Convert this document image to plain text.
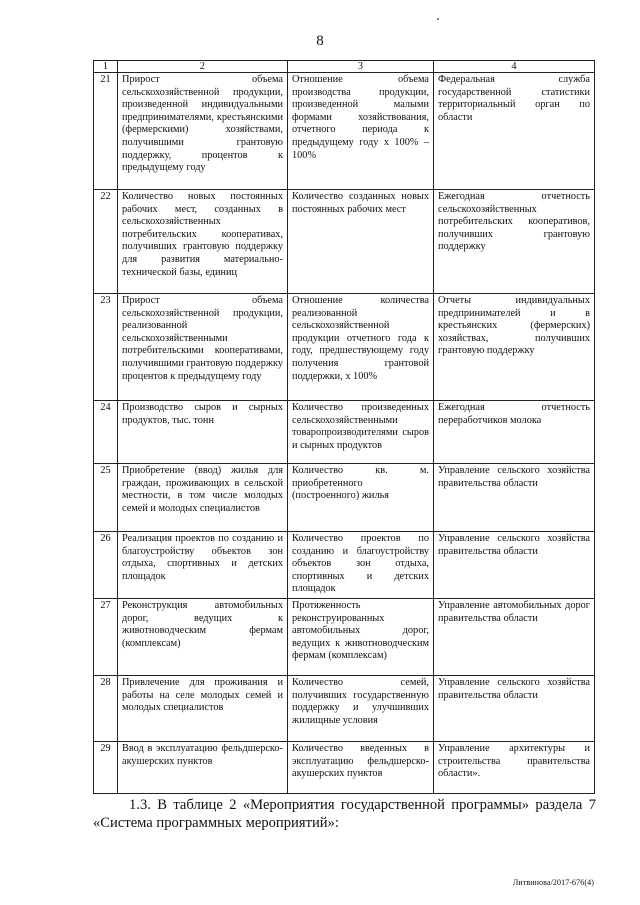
8
1	2	3	4
21	Прирост объема сельскохозяйственной продукции, произведенной индивидуальными предпринимателями, крестьянскими (фермерскими) хозяйствами, получившими грантовую поддержку, процентов к предыдущему году	Отношение объема производства продукции, произведенной малыми формами хозяйствования, отчетного периода к предыдущему году х 100% – 100%	Федеральная служба государственной статистики территориальный орган по области
22	Количество новых постоянных рабочих мест, созданных в сельскохозяйственных потребительских кооперативах, получивших грантовую поддержку для развития материально-технической базы, единиц	Количество созданных новых постоянных рабочих мест	Ежегодная отчетность сельскохозяйственных потребительских кооперативов, получивших грантовую поддержку
23	Прирост объема сельскохозяйственной продукции, реализованной сельскохозяйственными потребительскими кооперативами, получившими грантовую поддержку процентов к предыдущему году	Отношение количества реализованной сельскохозяйственной продукции отчетного года к году, предшествующему году получения грантовой поддержки, х 100%	Отчеты индивидуальных предпринимателей и в крестьянских (фермерских) хозяйствах, получивших грантовую поддержку
24	Производство сыров и сырных продуктов, тыс. тонн	Количество произведенных сельскохозяйственными товаропроизводителями сыров и сырных продуктов	Ежегодная отчетность переработчиков молока
25	Приобретение (ввод) жилья для граждан, проживающих в сельской местности, в том числе молодых семей и молодых специалистов	Количество кв. м. приобретенного (построенного) жилья	Управление сельского хозяйства правительства области
26	Реализация проектов по созданию и благоустройству объектов зон отдыха, спортивных и детских площадок	Количество проектов по созданию и благоустройству объектов зон отдыха, спортивных и детских площадок	Управление сельского хозяйства правительства области
27	Реконструкция автомобильных дорог, ведущих к животноводческим фермам (комплексам)	Протяженность реконструированных автомобильных дорог, ведущих к животноводческим фермам (комплексам)	Управление автомобильных дорог правительства области
28	Привлечение для проживания и работы на селе молодых семей и молодых специалистов	Количество семей, получивших государственную поддержку и улучшивших жилищные условия	Управление сельского хозяйства правительства области
29	Ввод в эксплуатацию фельдшерско-акушерских пунктов	Количество введенных в эксплуатацию фельдшерско-акушерских пунктов	Управление архитектуры и строительства правительства области».
1.3. В таблице 2 «Мероприятия государственной программы» раздела 7
«Система программных мероприятий»:
Литвинова/2017-676(4)
